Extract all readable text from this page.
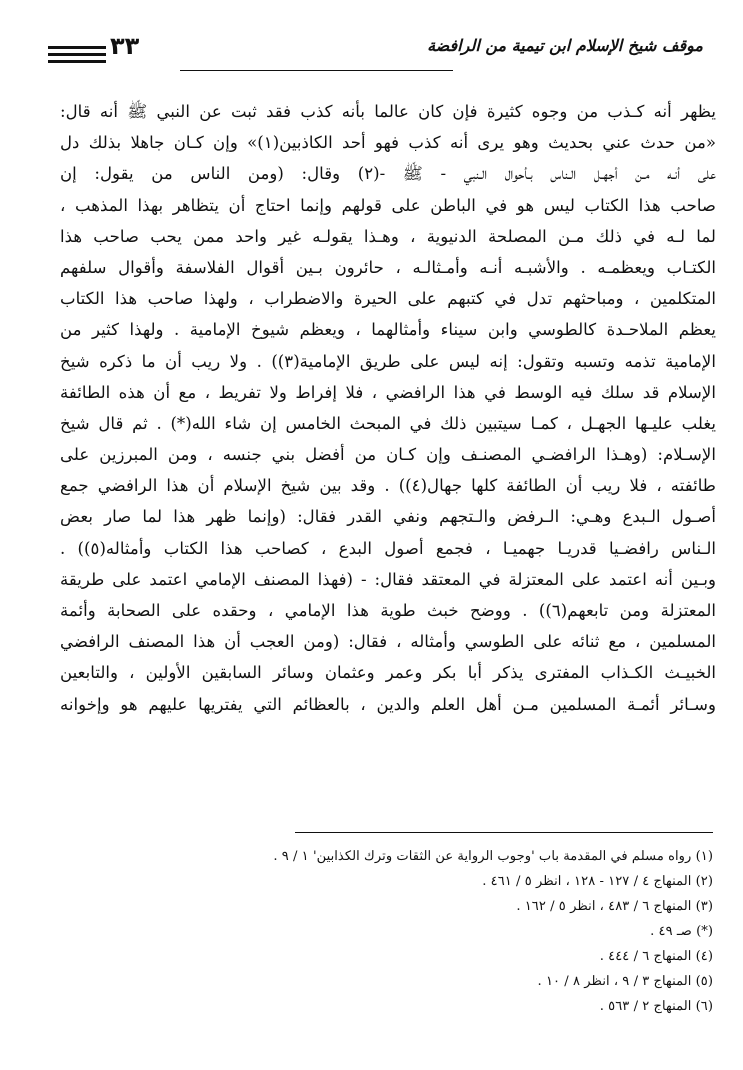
٣٣	موقف شيخ الإسلام ابن تيمية من الرافضة
يظهر أنه كـذب من وجوه كثيرة فإن كان عالما بأنه كذب فقد ثبت عن النبي ﷺ أنه قال:
«من حدث عني بحديث وهو يرى أنه كذب فهو أحد الكاذبين(١)» وإن كـان جاهلا بذلك دل
على أنـه مـن أجهـل الـناس بـأحوال الـنبي - ﷺ -(٢) وقال: (ومن الناس من يقول: إن
صاحب هذا الكتاب ليس هو في الباطن على قولهم وإنما احتاج أن يتظاهر بهذا المذهب ،
لما لـه في ذلك مـن المصلحة الدنيوية ، وهـذا يقولـه غير واحد ممن يحب صاحب هذا
الكتـاب ويعظمـه . والأشبـه أنـه وأمـثالـه ، حائرون بـين أقوال الفلاسفة وأقوال سلفهم
المتكلمين ، ومباحثهم تدل في كتبهم على الحيرة والاضطراب ، ولهذا صاحب هذا الكتاب
يعظم الملاحـدة كالطوسي وابن سيناء وأمثالهما ، ويعظم شيوخ الإمامية . ولهذا كثير من
الإمامية تذمه وتسبه وتقول: إنه ليس على طريق الإمامية(٣)) . ولا ريب أن ما ذكره شيخ
الإسلام قد سلك فيه الوسط في هذا الرافضي ، فلا إفراط ولا تفريط ، مع أن هذه الطائفة
يغلب عليـها الجهـل ، كمـا سيتبين ذلك في المبحث الخامس إن شاء الله(*) . ثم قال شيخ
الإسـلام: (وهـذا الرافضـي المصنـف وإن كـان من أفضل بني جنسه ، ومن المبرزين على
طائفته ، فلا ريب أن الطائفة كلها جهال(٤)) . وقد بين شيخ الإسلام أن هذا الرافضي جمع
أصـول الـبدع وهـي: الـرفض والـتجهم ونفي القدر فقال: (وإنما ظهر هذا لما صار بعض
الـناس رافضـيا قدريـا جهميـا ، فجمع أصول البدع ، كصاحب هذا الكتاب وأمثاله(٥)) .
وبـين أنه اعتمد على المعتزلة في المعتقد فقال: - (فهذا المصنف الإمامي اعتمد على طريقة
المعتزلة ومن تابعهم(٦)) . ووضح خبث طوية هذا الإمامي ، وحقده على الصحابة وأئمة
المسلمين ، مع ثنائه على الطوسي وأمثاله ، فقال: (ومن العجب أن هذا المصنف الرافضي
الخبيـث الكـذاب المفترى يذكر أبا بكر وعمر وعثمان وسائر السابقين الأولين ، والتابعين
وسـائر أئمـة المسلمين مـن أهل العلم والدين ، بالعظائم التي يفتريها عليهم هو وإخوانه
(١) رواه مسلم في المقدمة باب 'وجوب الرواية عن الثقات وترك الكذابين' ١ / ٩ .
(٢) المنهاج ٤ / ١٢٧ - ١٢٨ ، انظر ٥ / ٤٦١ .
(٣) المنهاج ٦ / ٤٨٣ ، انظر ٥ / ١٦٢ .
(*) صـ ٤٩ .
(٤) المنهاج ٦ / ٤٤٤ .
(٥) المنهاج ٣ / ٩ ، انظر ٨ / ١٠ .
(٦) المنهاج ٢ / ٥٦٣ .
